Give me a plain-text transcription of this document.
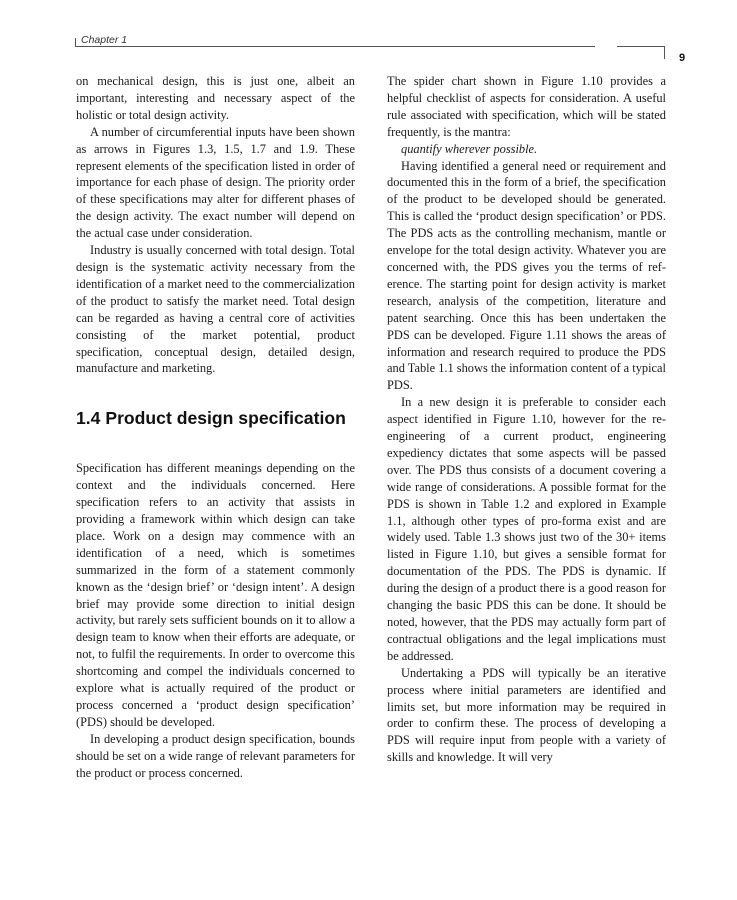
Chapter 1
9

on mechanical design, this is just one, albeit an important, interesting and necessary aspect of the holistic or total design activity.

A number of circumferential inputs have been shown as arrows in Figures 1.3, 1.5, 1.7 and 1.9. These represent elements of the specification listed in order of importance for each phase of design. The priority order of these specifications may alter for different phases of the design activity. The exact number will depend on the actual case under consideration.

Industry is usually concerned with total design. Total design is the systematic activity necessary from the identification of a market need to the commercialization of the product to satisfy the market need. Total design can be regarded as having a central core of activities consisting of the market potential, product specification, conceptual design, detailed design, manufacture and marketing.

1.4 Product design specification

Specification has different meanings depending on the context and the individuals concerned. Here specification refers to an activity that assists in providing a framework within which design can take place. Work on a design may commence with an identification of a need, which is sometimes summarized in the form of a statement commonly known as the ‘design brief’ or ‘design intent’. A design brief may provide some direction to initial design activity, but rarely sets sufficient bounds on it to allow a design team to know when their efforts are adequate, or not, to fulfil the requirements. In order to overcome this shortcoming and compel the individuals concerned to explore what is actually required of the product or process concerned a ‘product design specification’ (PDS) should be developed.

In developing a product design specification, bounds should be set on a wide range of relevant parameters for the product or process concerned.

The spider chart shown in Figure 1.10 provides a helpful checklist of aspects for consideration. A useful rule associated with specification, which will be stated frequently, is the mantra:

quantify wherever possible.

Having identified a general need or requirement and documented this in the form of a brief, the specification of the product to be developed should be generated. This is called the ‘product design specification’ or PDS. The PDS acts as the controlling mechanism, mantle or envelope for the total design activity. Whatever you are concerned with, the PDS gives you the terms of reference. The starting point for design activity is market research, analysis of the competition, literature and patent searching. Once this has been undertaken the PDS can be developed. Figure 1.11 shows the areas of information and research required to produce the PDS and Table 1.1 shows the information content of a typical PDS.

In a new design it is preferable to consider each aspect identified in Figure 1.10, however for the re-engineering of a current product, engineering expediency dictates that some aspects will be passed over. The PDS thus consists of a document covering a wide range of considerations. A possible format for the PDS is shown in Table 1.2 and explored in Example 1.1, although other types of pro-forma exist and are widely used. Table 1.3 shows just two of the 30+ items listed in Figure 1.10, but gives a sensible format for documentation of the PDS. The PDS is dynamic. If during the design of a product there is a good reason for changing the basic PDS this can be done. It should be noted, however, that the PDS may actually form part of contractual obligations and the legal implications must be addressed.

Undertaking a PDS will typically be an iterative process where initial parameters are identified and limits set, but more information may be required in order to confirm these. The process of developing a PDS will require input from people with a variety of skills and knowledge. It will very
